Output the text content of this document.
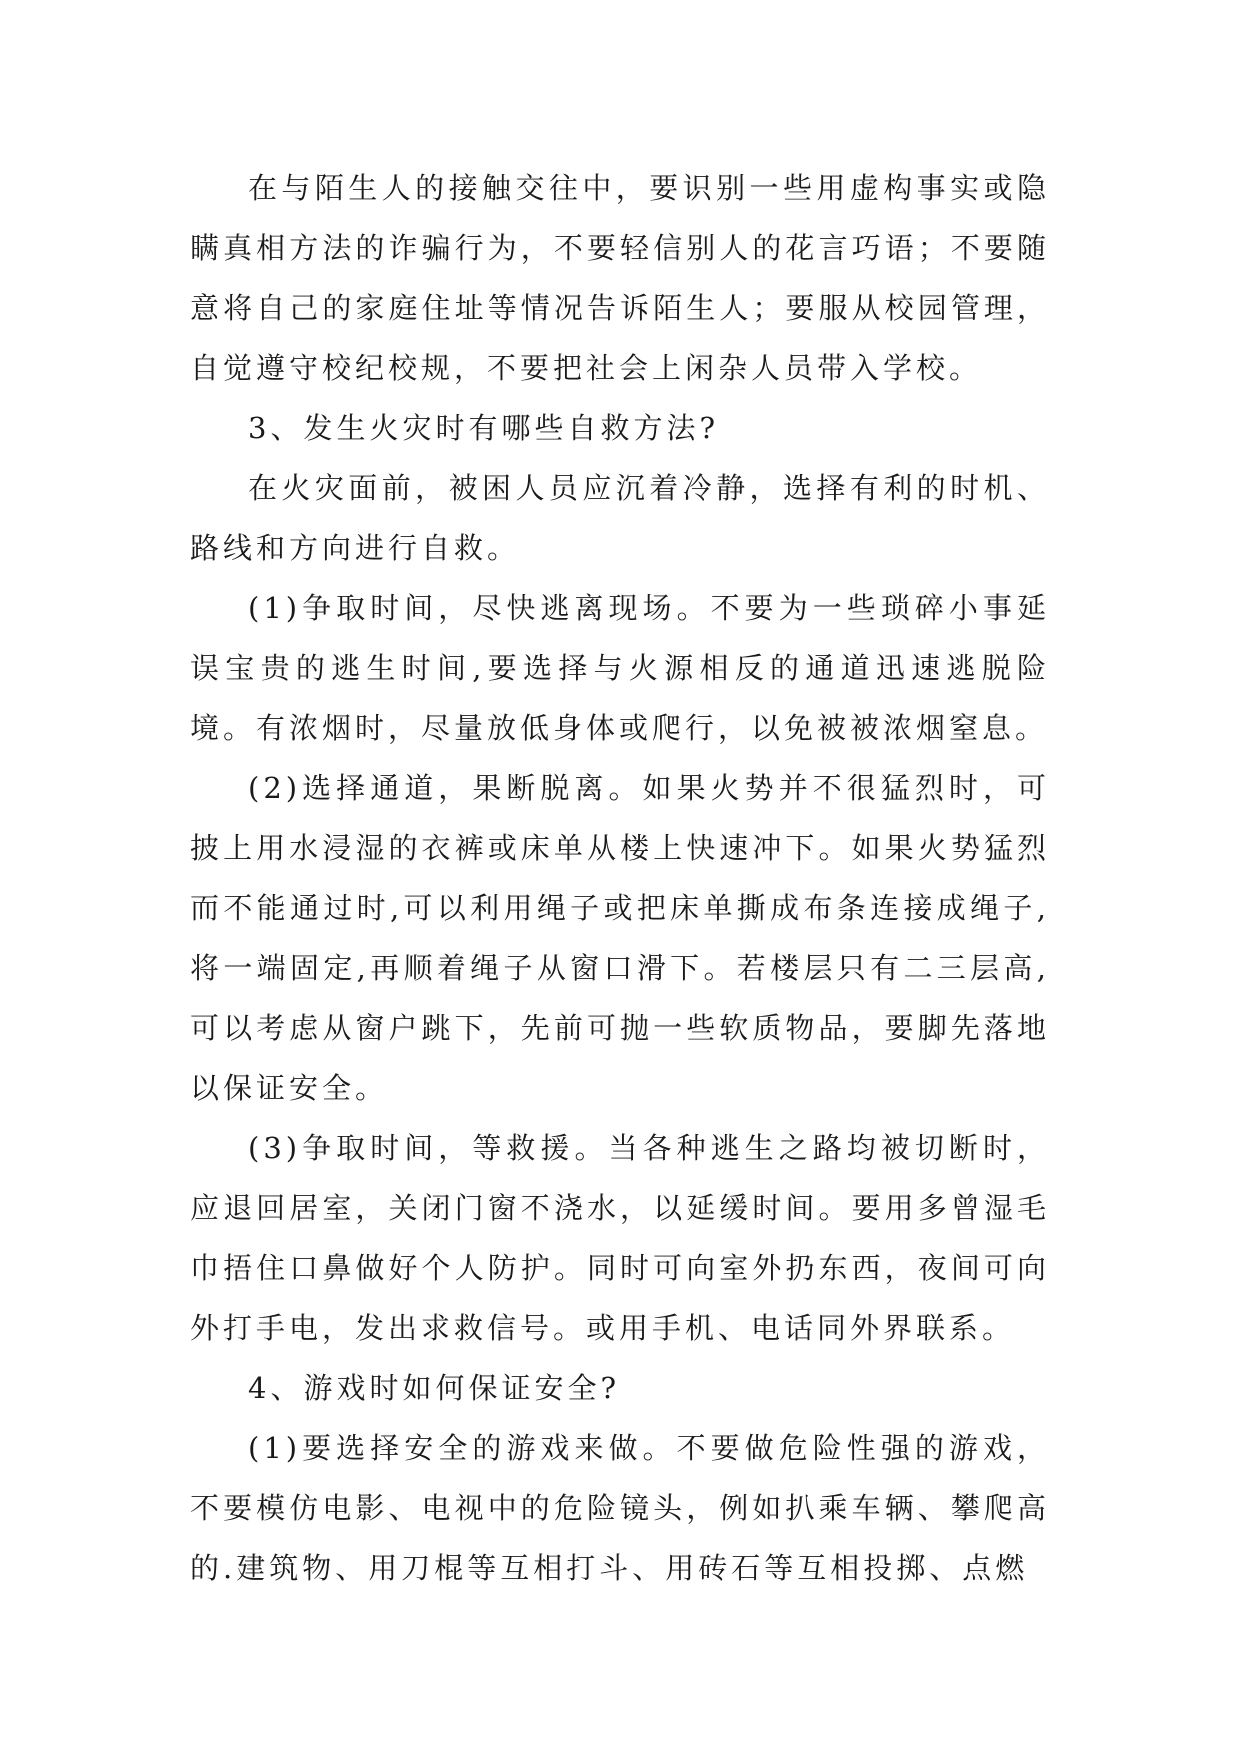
在与陌生人的接触交往中，要识别一些用虚构事实或隐瞒真相方法的诈骗行为，不要轻信别人的花言巧语；不要随意将自己的家庭住址等情况告诉陌生人；要服从校园管理，自觉遵守校纪校规，不要把社会上闲杂人员带入学校。

3、发生火灾时有哪些自救方法?

在火灾面前，被困人员应沉着冷静，选择有利的时机、路线和方向进行自救。

(1)争取时间，尽快逃离现场。不要为一些琐碎小事延误宝贵的逃生时间,要选择与火源相反的通道迅速逃脱险境。有浓烟时，尽量放低身体或爬行，以免被被浓烟窒息。

(2)选择通道，果断脱离。如果火势并不很猛烈时，可披上用水浸湿的衣裤或床单从楼上快速冲下。如果火势猛烈而不能通过时,可以利用绳子或把床单撕成布条连接成绳子,将一端固定,再顺着绳子从窗口滑下。若楼层只有二三层高,可以考虑从窗户跳下，先前可抛一些软质物品，要脚先落地以保证安全。

(3)争取时间，等救援。当各种逃生之路均被切断时，应退回居室，关闭门窗不浇水，以延缓时间。要用多曾湿毛巾捂住口鼻做好个人防护。同时可向室外扔东西，夜间可向外打手电，发出求救信号。或用手机、电话同外界联系。

4、游戏时如何保证安全?

(1)要选择安全的游戏来做。不要做危险性强的游戏，不要模仿电影、电视中的危险镜头，例如扒乘车辆、攀爬高的.建筑物、用刀棍等互相打斗、用砖石等互相投掷、点燃
